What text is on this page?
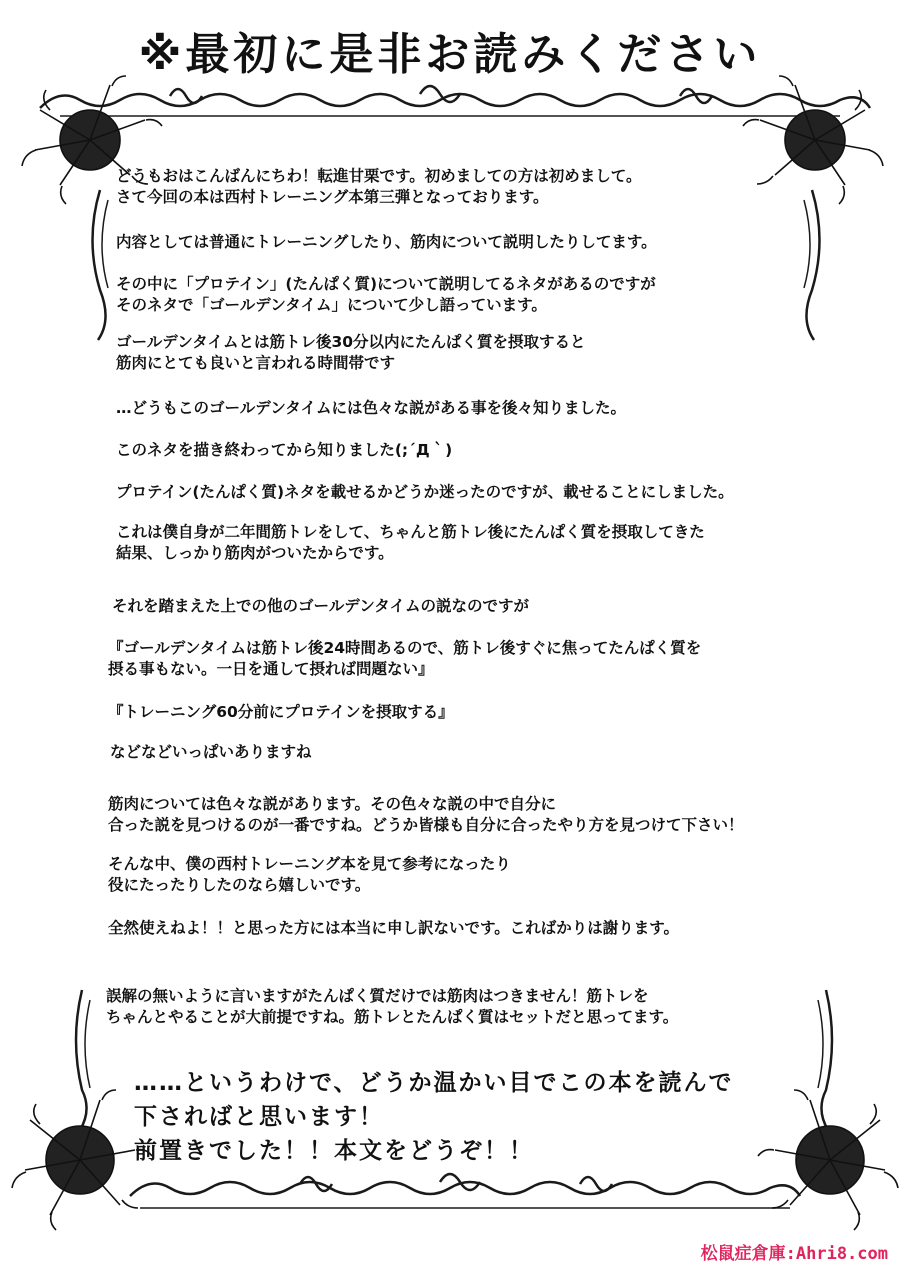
※最初に是非お読みください
どうもおはこんばんにちわ！転進甘栗です。初めましての方は初めまして。
さて今回の本は西村トレーニング本第三弾となっております。
内容としては普通にトレーニングしたり、筋肉について説明したりしてます。
その中に「プロテイン」(たんぱく質)について説明してるネタがあるのですが
そのネタで「ゴールデンタイム」について少し語っています。
ゴールデンタイムとは筋トレ後30分以内にたんぱく質を摂取すると
筋肉にとても良いと言われる時間帯です
…どうもこのゴールデンタイムには色々な説がある事を後々知りました。
このネタを描き終わってから知りました(;´Д｀)
プロテイン(たんぱく質)ネタを載せるかどうか迷ったのですが、載せることにしました。
これは僕自身が二年間筋トレをして、ちゃんと筋トレ後にたんぱく質を摂取してきた
結果、しっかり筋肉がついたからです。
それを踏まえた上での他のゴールデンタイムの説なのですが
『ゴールデンタイムは筋トレ後24時間あるので、筋トレ後すぐに焦ってたんぱく質を
摂る事もない。一日を通して摂れば問題ない』
『トレーニング60分前にプロテインを摂取する』
などなどいっぱいありますね
筋肉については色々な説があります。その色々な説の中で自分に
合った説を見つけるのが一番ですね。どうか皆様も自分に合ったやり方を見つけて下さい！
そんな中、僕の西村トレーニング本を見て参考になったり
役にたったりしたのなら嬉しいです。
全然使えねよ！！と思った方には本当に申し訳ないです。こればかりは謝ります。
誤解の無いように言いますがたんぱく質だけでは筋肉はつきません！筋トレを
ちゃんとやることが大前提ですね。筋トレとたんぱく質はセットだと思ってます。
……というわけで、どうか温かい目でこの本を読んで
下さればと思います！
前置きでした！！本文をどうぞ！！
松鼠症倉庫:Ahri8.com
